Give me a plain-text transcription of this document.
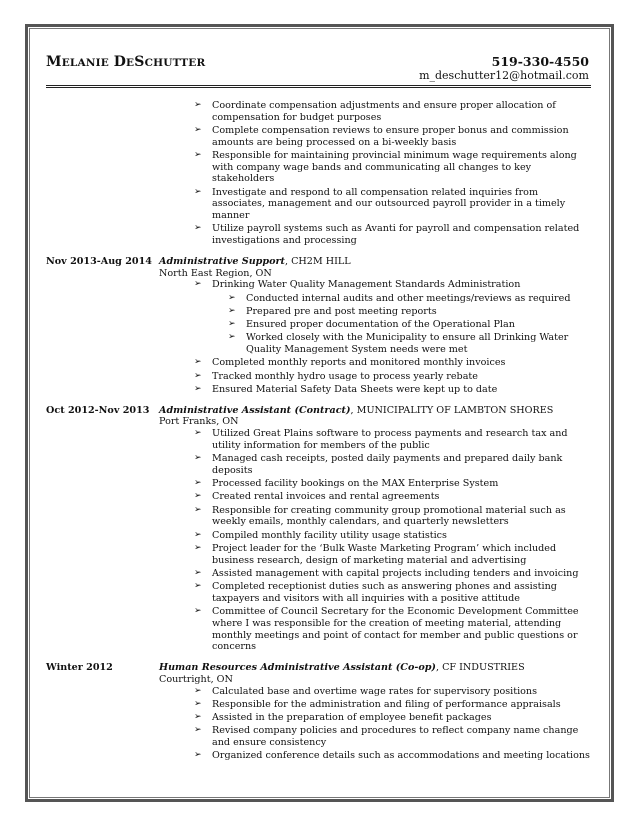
MELANIE DESCHUTTER	519-330-4550
m_deschutter12@hotmail.com
➢ Coordinate compensation adjustments and ensure proper allocation of compensation for budget purposes
➢ Complete compensation reviews to ensure proper bonus and commission amounts are being processed on a bi-weekly basis
➢ Responsible for maintaining provincial minimum wage requirements along with company wage bands and communicating all changes to key stakeholders
➢ Investigate and respond to all compensation related inquiries from associates, management and our outsourced payroll provider in a timely manner
➢ Utilize payroll systems such as Avanti for payroll and compensation related investigations and processing
Nov 2013-Aug 2014 Administrative Support, CH2M HILL
North East Region, ON
➢ Drinking Water Quality Management Standards Administration
➢ Conducted internal audits and other meetings/reviews as required
➢ Prepared pre and post meeting reports
➢ Ensured proper documentation of the Operational Plan
➢ Worked closely with the Municipality to ensure all Drinking Water Quality Management System needs were met
➢ Completed monthly reports and monitored monthly invoices
➢ Tracked monthly hydro usage to process yearly rebate
➢ Ensured Material Safety Data Sheets were kept up to date
Oct 2012-Nov 2013 Administrative Assistant (Contract), MUNICIPALITY OF LAMBTON SHORES
Port Franks, ON
➢ Utilized Great Plains software to process payments and research tax and utility information for members of the public
➢ Managed cash receipts, posted daily payments and prepared daily bank deposits
➢ Processed facility bookings on the MAX Enterprise System
➢ Created rental invoices and rental agreements
➢ Responsible for creating community group promotional material such as weekly emails, monthly calendars, and quarterly newsletters
➢ Compiled monthly facility utility usage statistics
➢ Project leader for the ‘Bulk Waste Marketing Program’ which included business research, design of marketing material and advertising
➢ Assisted management with capital projects including tenders and invoicing
➢ Completed receptionist duties such as answering phones and assisting taxpayers and visitors with all inquiries with a positive attitude
➢ Committee of Council Secretary for the Economic Development Committee where I was responsible for the creation of meeting material, attending monthly meetings and point of contact for member and public questions or concerns
Winter 2012	Human Resources Administrative Assistant (Co-op), CF INDUSTRIES
Courtright, ON
➢ Calculated base and overtime wage rates for supervisory positions
➢ Responsible for the administration and filing of performance appraisals
➢ Assisted in the preparation of employee benefit packages
➢ Revised company policies and procedures to reflect company name change and ensure consistency
➢ Organized conference details such as accommodations and meeting locations
